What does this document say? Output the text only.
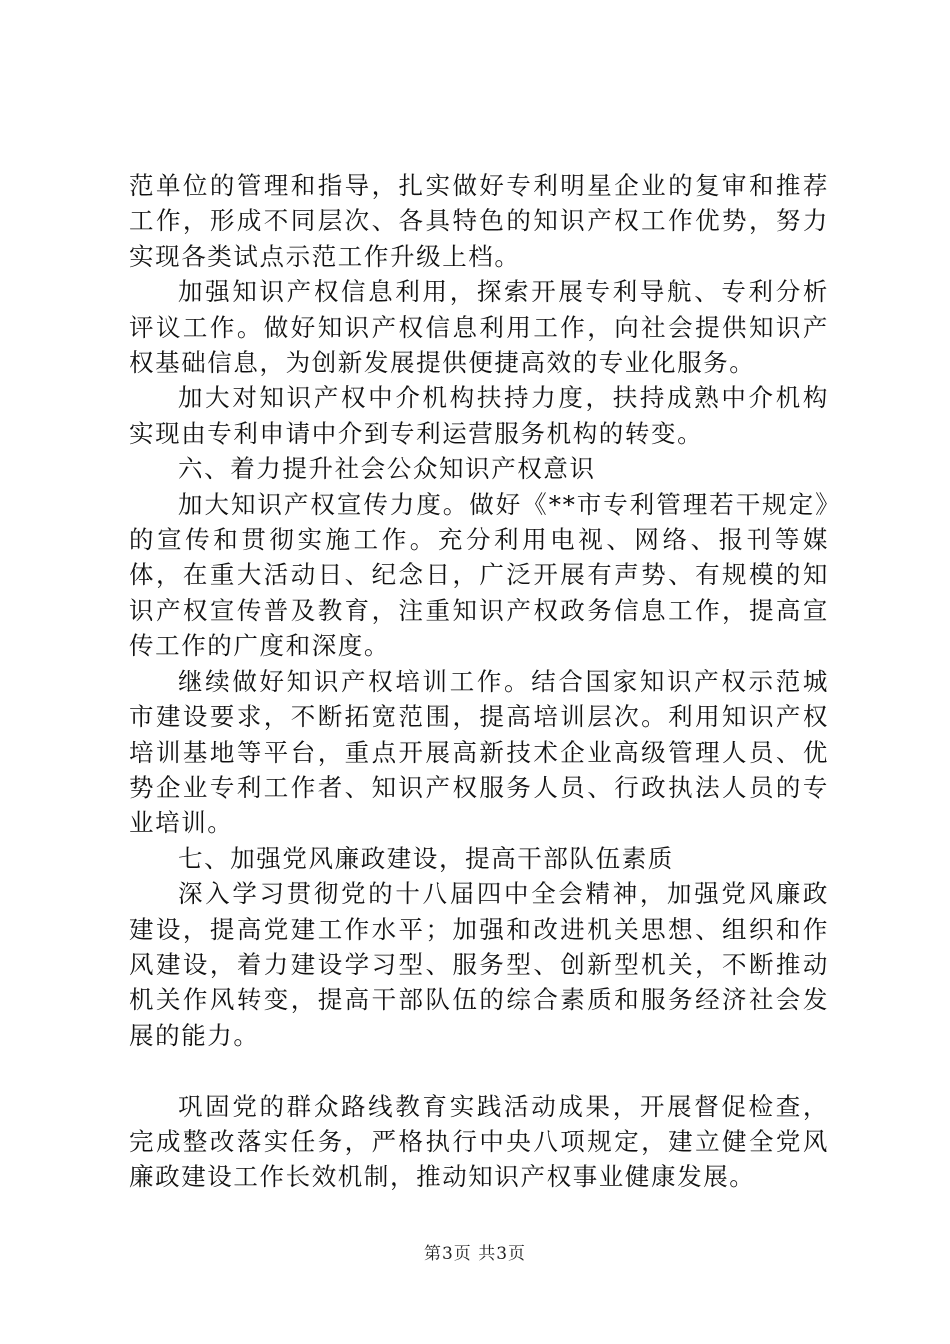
范单位的管理和指导，扎实做好专利明星企业的复审和推荐工作，形成不同层次、各具特色的知识产权工作优势，努力实现各类试点示范工作升级上档。

加强知识产权信息利用，探索开展专利导航、专利分析评议工作。做好知识产权信息利用工作，向社会提供知识产权基础信息，为创新发展提供便捷高效的专业化服务。

加大对知识产权中介机构扶持力度，扶持成熟中介机构实现由专利申请中介到专利运营服务机构的转变。

六、着力提升社会公众知识产权意识

加大知识产权宣传力度。做好《**市专利管理若干规定》的宣传和贯彻实施工作。充分利用电视、网络、报刊等媒体，在重大活动日、纪念日，广泛开展有声势、有规模的知识产权宣传普及教育，注重知识产权政务信息工作，提高宣传工作的广度和深度。

继续做好知识产权培训工作。结合国家知识产权示范城市建设要求，不断拓宽范围，提高培训层次。利用知识产权培训基地等平台，重点开展高新技术企业高级管理人员、优势企业专利工作者、知识产权服务人员、行政执法人员的专业培训。

七、加强党风廉政建设，提高干部队伍素质

深入学习贯彻党的十八届四中全会精神，加强党风廉政建设，提高党建工作水平；加强和改进机关思想、组织和作风建设，着力建设学习型、服务型、创新型机关，不断推动机关作风转变，提高干部队伍的综合素质和服务经济社会发展的能力。

巩固党的群众路线教育实践活动成果，开展督促检查，完成整改落实任务，严格执行中央八项规定，建立健全党风廉政建设工作长效机制，推动知识产权事业健康发展。

第3页 共3页
